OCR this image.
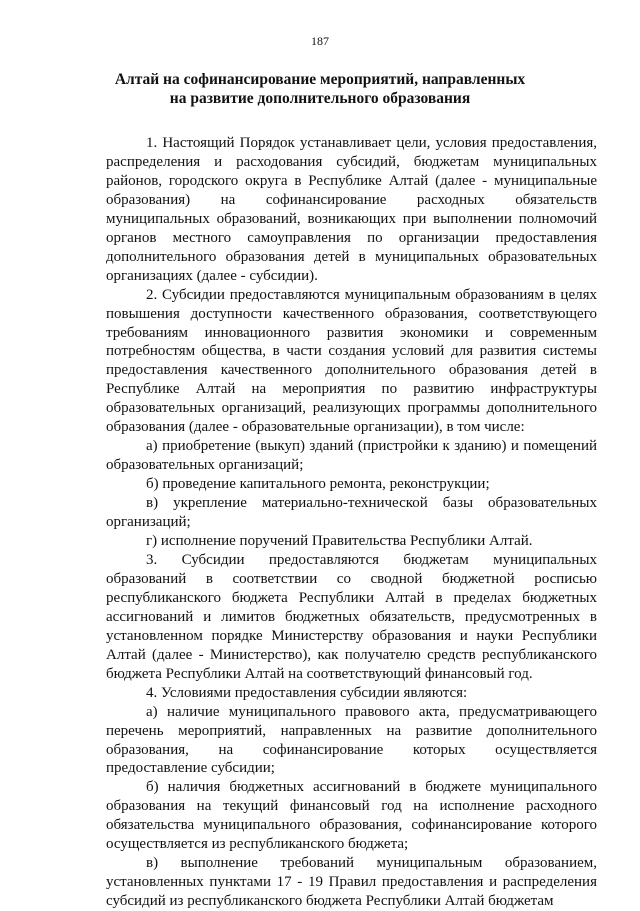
187
Алтай на софинансирование мероприятий, направленных
на развитие дополнительного образования

1. Настоящий Порядок устанавливает цели, условия предоставления, распределения и расходования субсидий, бюджетам муниципальных районов, городского округа в Республике Алтай (далее - муниципальные образования) на софинансирование расходных обязательств муниципальных образований, возникающих при выполнении полномочий органов местного самоуправления по организации предоставления дополнительного образования детей в муниципальных образовательных организациях (далее - субсидии).

2. Субсидии предоставляются муниципальным образованиям в целях повышения доступности качественного образования, соответствующего требованиям инновационного развития экономики и современным потребностям общества, в части создания условий для развития системы предоставления качественного дополнительного образования детей в Республике Алтай на мероприятия по развитию инфраструктуры образовательных организаций, реализующих программы дополнительного образования (далее - образовательные организации), в том числе:

а) приобретение (выкуп) зданий (пристройки к зданию) и помещений образовательных организаций;

б) проведение капитального ремонта, реконструкции;

в) укрепление материально-технической базы образовательных организаций;

г) исполнение поручений Правительства Республики Алтай.

3. Субсидии предоставляются бюджетам муниципальных образований в соответствии со сводной бюджетной росписью республиканского бюджета Республики Алтай в пределах бюджетных ассигнований и лимитов бюджетных обязательств, предусмотренных в установленном порядке Министерству образования и науки Республики Алтай (далее - Министерство), как получателю средств республиканского бюджета Республики Алтай на соответствующий финансовый год.

4. Условиями предоставления субсидии являются:

а) наличие муниципального правового акта, предусматривающего перечень мероприятий, направленных на развитие дополнительного образования, на софинансирование которых осуществляется предоставление субсидии;

б) наличия бюджетных ассигнований в бюджете муниципального образования на текущий финансовый год на исполнение расходного обязательства муниципального образования, софинансирование которого осуществляется из республиканского бюджета;

в) выполнение требований муниципальным образованием, установленных пунктами 17 - 19 Правил предоставления и распределения субсидий из республиканского бюджета Республики Алтай бюджетам
